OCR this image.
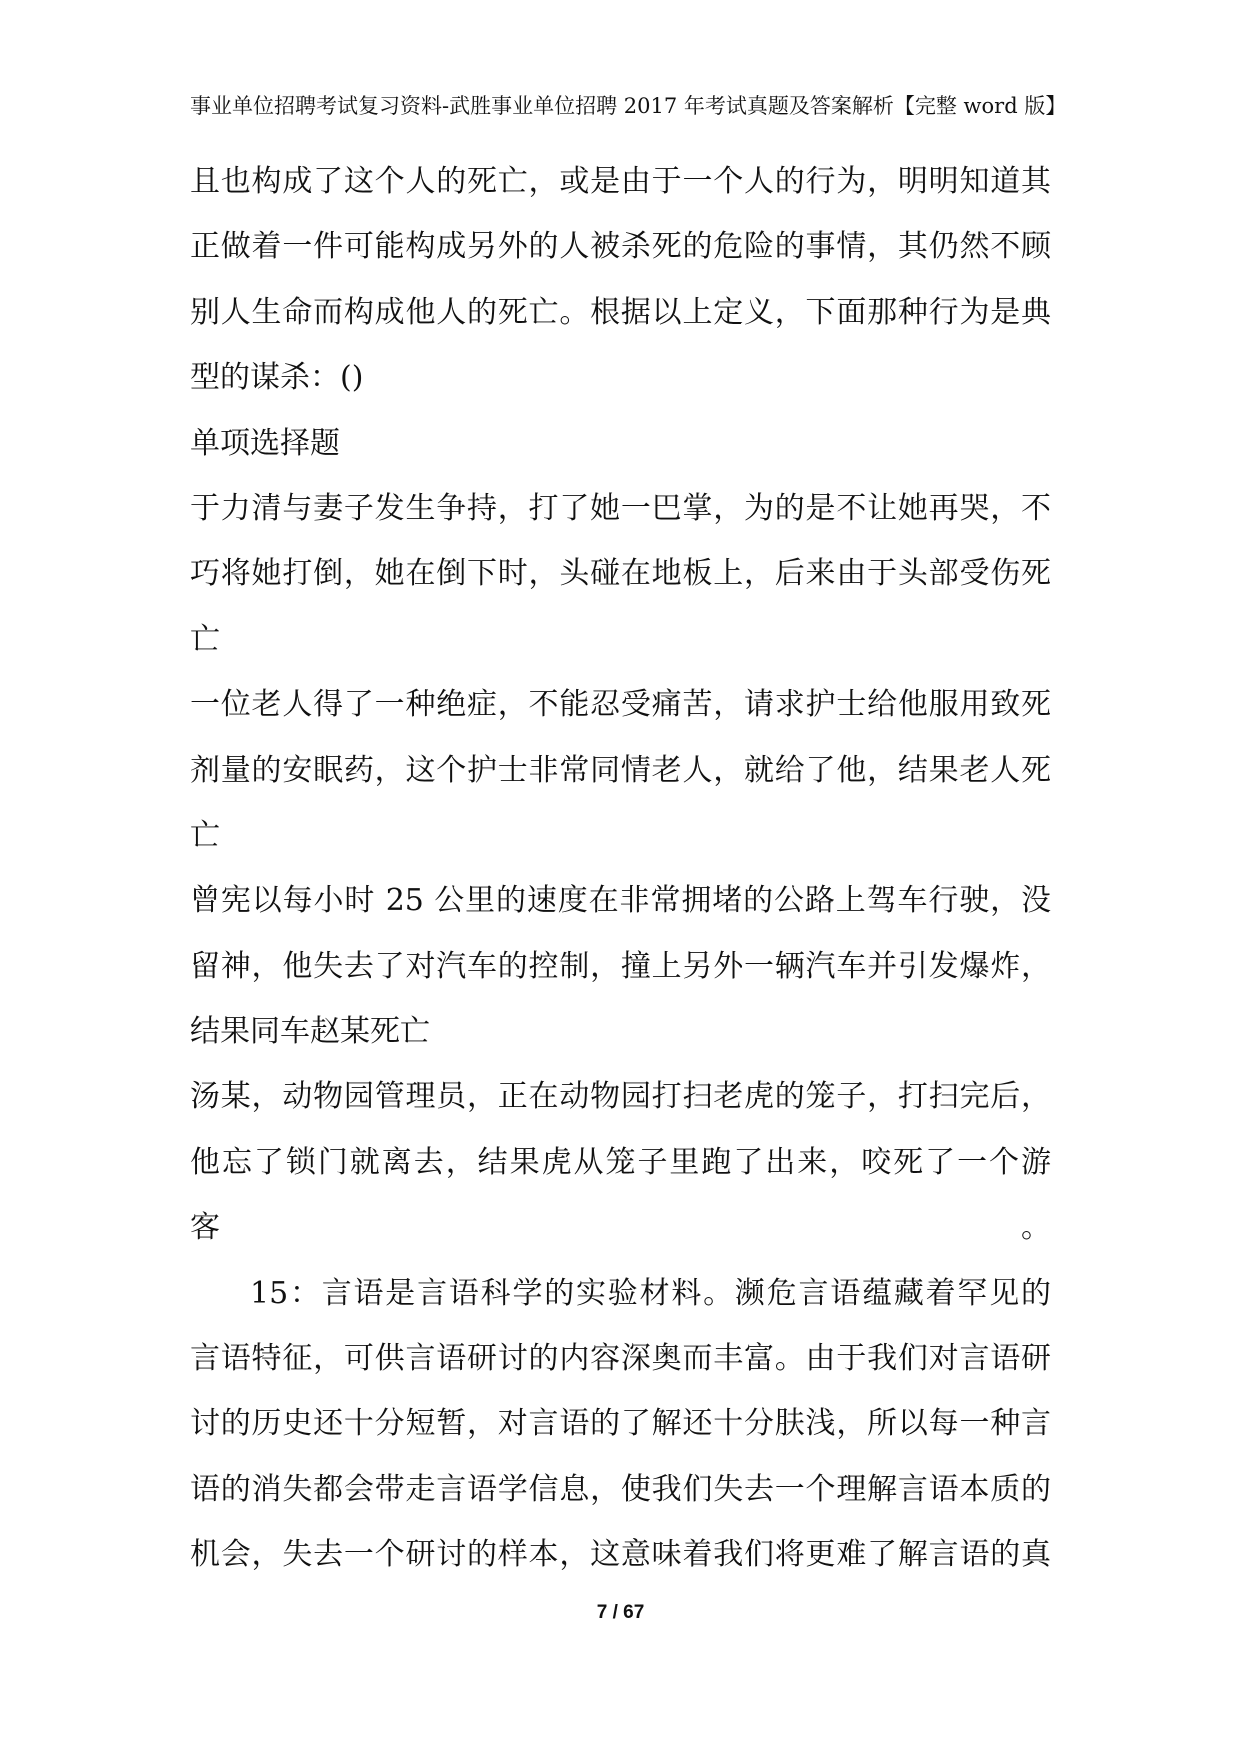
事业单位招聘考试复习资料-武胜事业单位招聘 2017 年考试真题及答案解析【完整 word 版】
且也构成了这个人的死亡，或是由于一个人的行为，明明知道其
正做着一件可能构成另外的人被杀死的危险的事情，其仍然不顾
别人生命而构成他人的死亡。根据以上定义，下面那种行为是典
型的谋杀：()
单项选择题
于力清与妻子发生争持，打了她一巴掌，为的是不让她再哭，不
巧将她打倒，她在倒下时，头碰在地板上，后来由于头部受伤死
亡
一位老人得了一种绝症，不能忍受痛苦，请求护士给他服用致死
剂量的安眠药，这个护士非常同情老人，就给了他，结果老人死
亡
曾宪以每小时 25 公里的速度在非常拥堵的公路上驾车行驶，没
留神，他失去了对汽车的控制，撞上另外一辆汽车并引发爆炸，
结果同车赵某死亡
汤某，动物园管理员，正在动物园打扫老虎的笼子，打扫完后，
他忘了锁门就离去，结果虎从笼子里跑了出来，咬死了一个游客。
15：言语是言语科学的实验材料。濒危言语蕴藏着罕见的
言语特征，可供言语研讨的内容深奥而丰富。由于我们对言语研
讨的历史还十分短暂，对言语的了解还十分肤浅，所以每一种言
语的消失都会带走言语学信息，使我们失去一个理解言语本质的
机会，失去一个研讨的样本，这意味着我们将更难了解言语的真
7 / 67
